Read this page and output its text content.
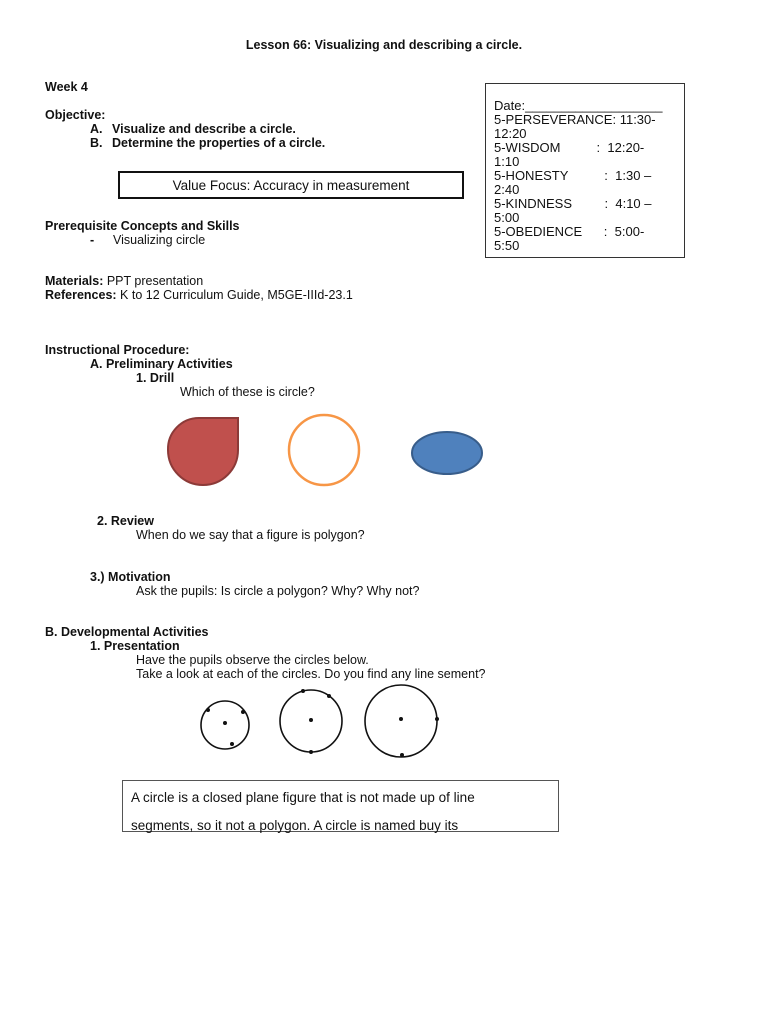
Lesson 66: Visualizing and describing a circle.
Week 4
Objective:
A. Visualize and describe a circle.
B. Determine the properties of a circle.
Date:___________________
5-PERSEVERANCE: 11:30-
12:20
5-WISDOM          :  12:20-
1:10
5-HONESTY          :  1:30 –
2:40
5-KINDNESS         :  4:10 –
5:00
5-OBEDIENCE      :  5:00-
5:50
Value Focus: Accuracy in measurement
Prerequisite Concepts and Skills
- Visualizing circle
Materials: PPT presentation
References: K to 12 Curriculum Guide, M5GE-IIId-23.1
Instructional Procedure:
A. Preliminary Activities
1. Drill
Which of these is circle?
2. Review
When do we say that a figure is polygon?
3.) Motivation
Ask the pupils: Is circle a polygon? Why? Why not?
B. Developmental Activities
1. Presentation
Have the pupils observe the circles below.
Take a look at each of the circles. Do you find any line sement?
A circle is a closed plane figure that is not made up of line
segments, so it not a polygon. A circle is named buy its
